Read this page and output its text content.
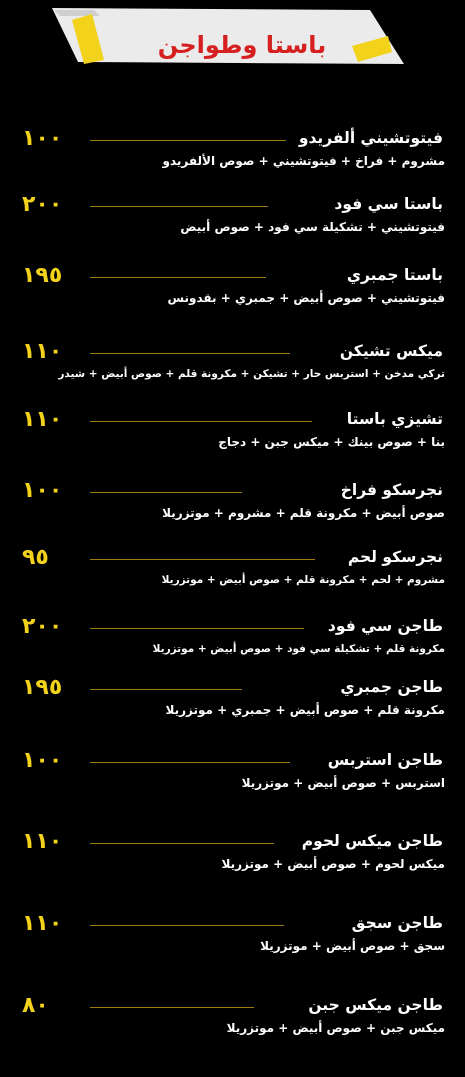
باستا وطواجن
١٠٠	فيتوتشيني ألفريدو
مشروم + فراخ + فيتوتشيني + صوص الألفريدو
٢٠٠	باستا سي فود
فيتوتشيني + تشكيلة سي فود + صوص أبيض
١٩٥	باستا جمبري
فيتوتشيني + صوص أبيض + جمبري + بقدونس
١١٠	ميكس تشيكن
تركي مدخن + استربس حار + تشيكن + مكرونة قلم + صوص أبيض + شيدر
١١٠	تشيزي باستا
بنا + صوص بينك + ميكس جبن + دجاج
١٠٠	نجرسكو فراخ
صوص أبيض + مكرونة قلم + مشروم + موتزريلا
٩٥	نجرسكو لحم
مشروم + لحم + مكرونة قلم + صوص أبيض + موتزريلا
٢٠٠	طاجن سي فود
مكرونة قلم + تشكيلة سي فود + صوص أبيض + موتزريلا
١٩٥	طاجن جمبري
مكرونة قلم + صوص أبيض + جمبري + موتزريلا
١٠٠	طاجن استربس
استربس + صوص أبيض + موتزريلا
١١٠	طاجن ميكس لحوم
ميكس لحوم + صوص أبيض + موتزريلا
١١٠	طاجن سجق
سجق + صوص أبيض + موتزريلا
٨٠	طاجن ميكس جبن
ميكس جبن + صوص أبيض + موتزريلا
